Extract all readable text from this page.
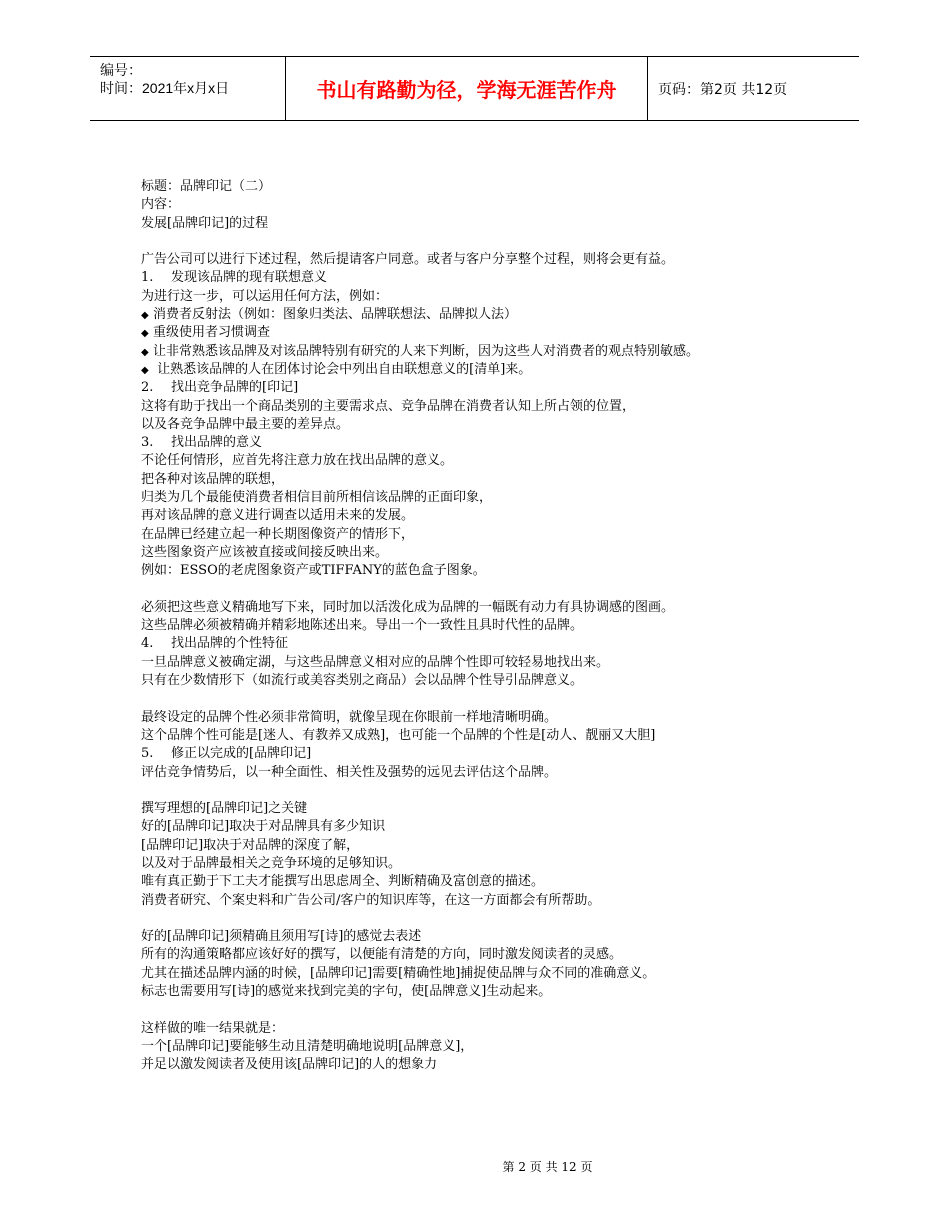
编号：
时间：2021年x月x日	书山有路勤为径，学海无涯苦作舟	页码：第2页 共12页
标题：品牌印记（二）
内容：
发展[品牌印记]的过程
广告公司可以进行下述过程，然后提请客户同意。或者与客户分享整个过程，则将会更有益。
1. 发现该品牌的现有联想意义
为进行这一步，可以运用任何方法，例如：
◆ 消费者反射法（例如：图象归类法、品牌联想法、品牌拟人法）
◆ 重级使用者习惯调查
◆ 让非常熟悉该品牌及对该品牌特别有研究的人来下判断，因为这些人对消费者的观点特别敏感。
◆ 让熟悉该品牌的人在团体讨论会中列出自由联想意义的[清单]来。
2. 找出竞争品牌的[印记]
这将有助于找出一个商品类别的主要需求点、竞争品牌在消费者认知上所占领的位置，
以及各竞争品牌中最主要的差异点。
3. 找出品牌的意义
不论任何情形，应首先将注意力放在找出品牌的意义。
把各种对该品牌的联想，
归类为几个最能使消费者相信目前所相信该品牌的正面印象，
再对该品牌的意义进行调查以适用未来的发展。
在品牌已经建立起一种长期图像资产的情形下，
这些图象资产应该被直接或间接反映出来。
例如：ESSO的老虎图象资产或TIFFANY的蓝色盒子图象。
必须把这些意义精确地写下来，同时加以活泼化成为品牌的一幅既有动力有具协调感的图画。
这些品牌必须被精确并精彩地陈述出来。导出一个一致性且具时代性的品牌。
4. 找出品牌的个性特征
一旦品牌意义被确定湖，与这些品牌意义相对应的品牌个性即可较轻易地找出来。
只有在少数情形下（如流行或美容类别之商品）会以品牌个性导引品牌意义。
最终设定的品牌个性必须非常简明，就像呈现在你眼前一样地清晰明确。
这个品牌个性可能是[迷人、有教养又成熟]，也可能一个品牌的个性是[动人、靓丽又大胆]
5. 修正以完成的[品牌印记]
评估竞争情势后，以一种全面性、相关性及强势的远见去评估这个品牌。
撰写理想的[品牌印记]之关键
好的[品牌印记]取决于对品牌具有多少知识
[品牌印记]取决于对品牌的深度了解，
以及对于品牌最相关之竞争环境的足够知识。
唯有真正勤于下工夫才能撰写出思虑周全、判断精确及富创意的描述。
消费者研究、个案史料和广告公司/客户的知识库等，在这一方面都会有所帮助。
好的[品牌印记]须精确且须用写[诗]的感觉去表述
所有的沟通策略都应该好好的撰写，以便能有清楚的方向，同时激发阅读者的灵感。
尤其在描述品牌内涵的时候，[品牌印记]需要[精确性地]捕捉使品牌与众不同的准确意义。
标志也需要用写[诗]的感觉来找到完美的字句，使[品牌意义]生动起来。
这样做的唯一结果就是：
一个[品牌印记]要能够生动且清楚明确地说明[品牌意义]，
并足以激发阅读者及使用该[品牌印记]的人的想象力
第 2 页 共 12 页
